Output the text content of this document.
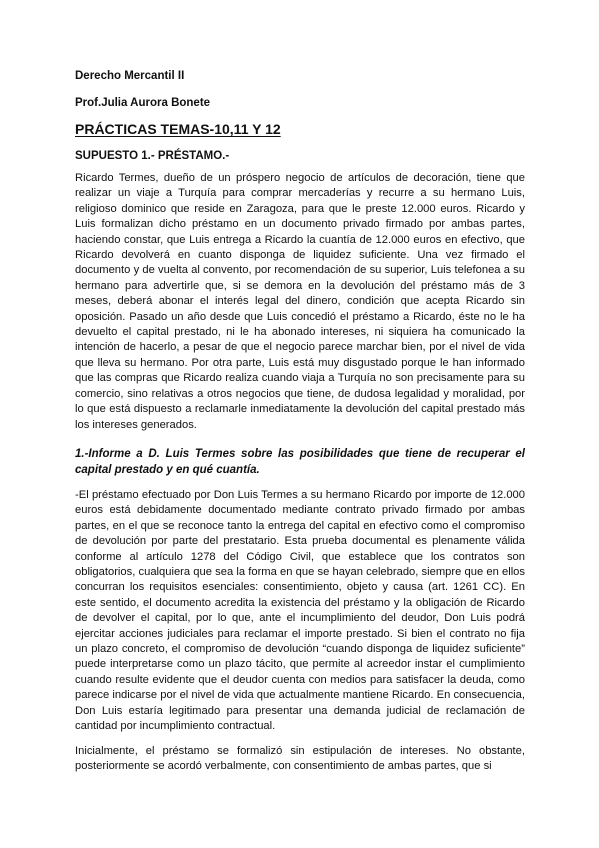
Derecho Mercantil II
Prof.Julia Aurora Bonete
PRÁCTICAS TEMAS-10,11 Y 12
SUPUESTO 1.- PRÉSTAMO.-
Ricardo Termes, dueño de un próspero negocio de artículos de decoración, tiene que realizar un viaje a Turquía para comprar mercaderías y recurre a su hermano Luis, religioso dominico que reside en Zaragoza, para que le preste 12.000 euros. Ricardo y Luis formalizan dicho préstamo en un documento privado firmado por ambas partes, haciendo constar, que Luis entrega a Ricardo la cuantía de 12.000 euros en efectivo, que Ricardo devolverá en cuanto disponga de liquidez suficiente. Una vez firmado el documento y de vuelta al convento, por recomendación de su superior, Luis telefonea a su hermano para advertirle que, si se demora en la devolución del préstamo más de 3 meses, deberá abonar el interés legal del dinero, condición que acepta Ricardo sin oposición. Pasado un año desde que Luis concedió el préstamo a Ricardo, éste no le ha devuelto el capital prestado, ni le ha abonado intereses, ni siquiera ha comunicado la intención de hacerlo, a pesar de que el negocio parece marchar bien, por el nivel de vida que lleva su hermano. Por otra parte, Luis está muy disgustado porque le han informado que las compras que Ricardo realiza cuando viaja a Turquía no son precisamente para su comercio, sino relativas a otros negocios que tiene, de dudosa legalidad y moralidad, por lo que está dispuesto a reclamarle inmediatamente la devolución del capital prestado más los intereses generados.
1.-Informe a D. Luis Termes sobre las posibilidades que tiene de recuperar el capital prestado y en qué cuantía.
-El préstamo efectuado por Don Luis Termes a su hermano Ricardo por importe de 12.000 euros está debidamente documentado mediante contrato privado firmado por ambas partes, en el que se reconoce tanto la entrega del capital en efectivo como el compromiso de devolución por parte del prestatario. Esta prueba documental es plenamente válida conforme al artículo 1278 del Código Civil, que establece que los contratos son obligatorios, cualquiera que sea la forma en que se hayan celebrado, siempre que en ellos concurran los requisitos esenciales: consentimiento, objeto y causa (art. 1261 CC). En este sentido, el documento acredita la existencia del préstamo y la obligación de Ricardo de devolver el capital, por lo que, ante el incumplimiento del deudor, Don Luis podrá ejercitar acciones judiciales para reclamar el importe prestado. Si bien el contrato no fija un plazo concreto, el compromiso de devolución “cuando disponga de liquidez suficiente” puede interpretarse como un plazo tácito, que permite al acreedor instar el cumplimiento cuando resulte evidente que el deudor cuenta con medios para satisfacer la deuda, como parece indicarse por el nivel de vida que actualmente mantiene Ricardo. En consecuencia, Don Luis estaría legitimado para presentar una demanda judicial de reclamación de cantidad por incumplimiento contractual.
Inicialmente, el préstamo se formalizó sin estipulación de intereses. No obstante, posteriormente se acordó verbalmente, con consentimiento de ambas partes, que si
